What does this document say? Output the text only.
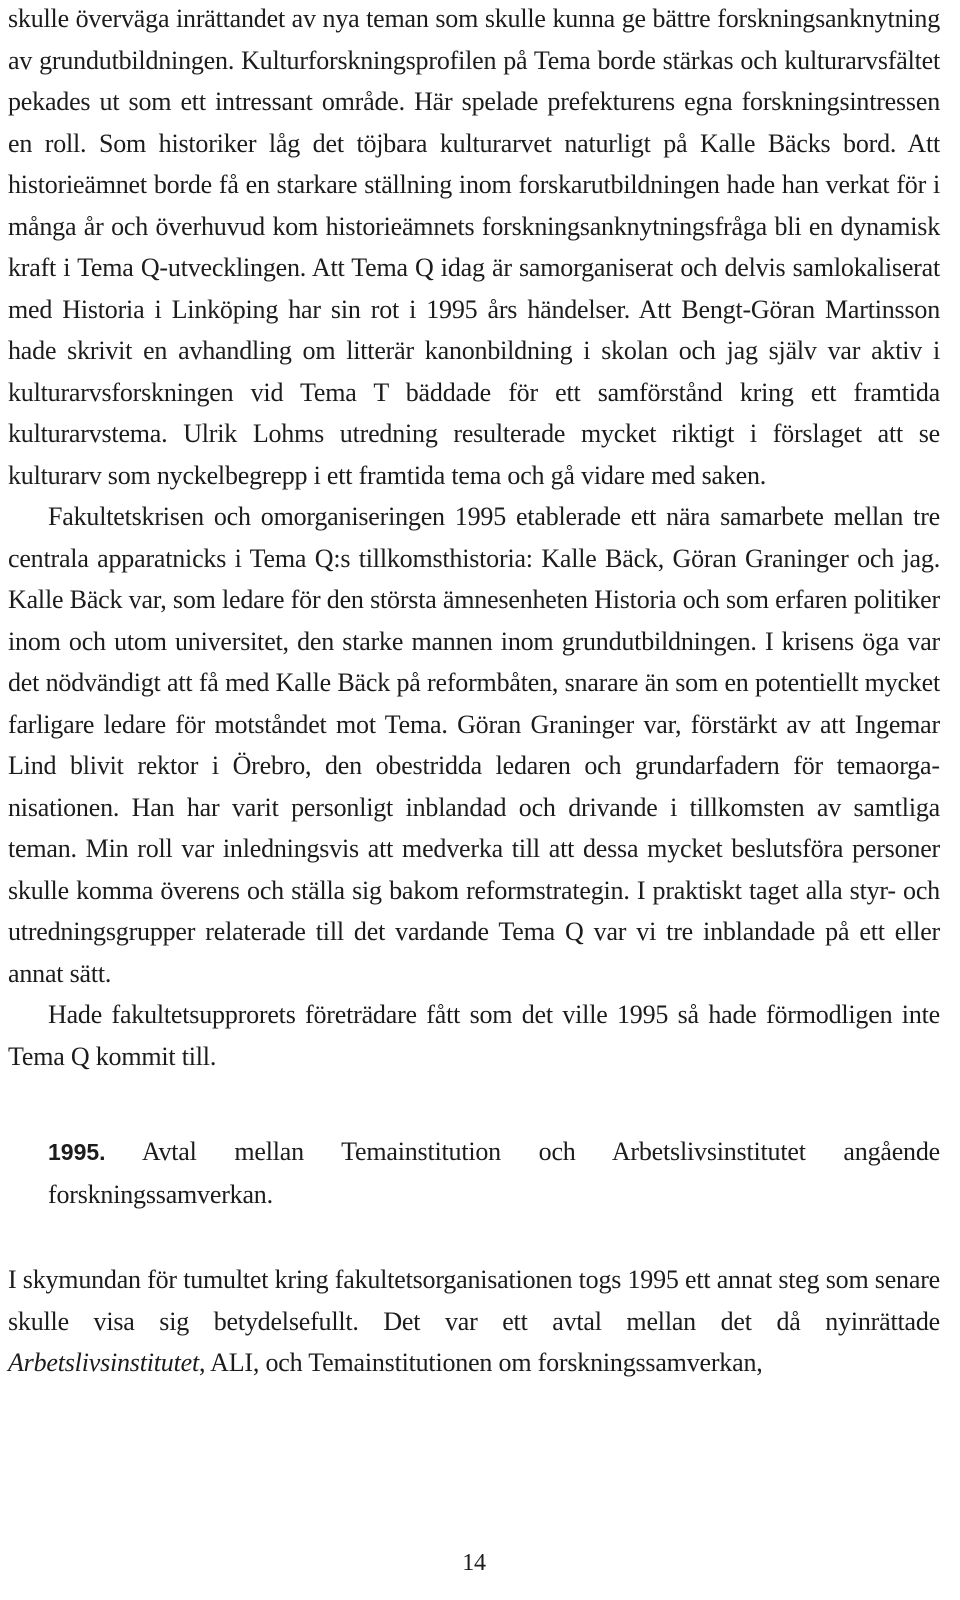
skulle överväga inrättandet av nya teman som skulle kunna ge bättre forskningsanknytning av grundutbildningen. Kulturforskningsprofilen på Tema borde stärkas och kulturarvsfältet pekades ut som ett intressant område. Här spelade prefekturens egna forskningsintressen en roll. Som historiker låg det töjbara kulturarvet naturligt på Kalle Bäcks bord. Att historieämnet borde få en starkare ställning inom forskarutbildningen hade han verkat för i många år och överhuvud kom historieämnets forskningsanknytningsfråga bli en dynamisk kraft i Tema Q-utvecklingen. Att Tema Q idag är samorganiserat och delvis samlokaliserat med Historia i Linköping har sin rot i 1995 års händelser. Att Bengt-Göran Martinsson hade skrivit en avhandling om litterär kanonbildning i skolan och jag själv var aktiv i kulturarvsforskningen vid Tema T bäddade för ett samförstånd kring ett framtida kulturarvstema. Ulrik Lohms utredning resulterade mycket riktigt i förslaget att se kulturarv som nyckelbegrepp i ett framtida tema och gå vidare med saken.

Fakultetskrisen och omorganiseringen 1995 etablerade ett nära samarbete mellan tre centrala apparatnicks i Tema Q:s tillkomsthistoria: Kalle Bäck, Göran Graninger och jag. Kalle Bäck var, som ledare för den största ämnesenheten Historia och som erfaren politiker inom och utom universitet, den starke mannen inom grundutbildningen. I krisens öga var det nödvändigt att få med Kalle Bäck på reformbåten, snarare än som en potentiellt mycket farligare ledare för motståndet mot Tema. Göran Graninger var, förstärkt av att Ingemar Lind blivit rektor i Örebro, den obestridda ledaren och grundarfadern för temaorganisationen. Han har varit personligt inblandad och drivande i tillkomsten av samtliga teman. Min roll var inledningsvis att medverka till att dessa mycket beslutsföra personer skulle komma överens och ställa sig bakom reformstrategin. I praktiskt taget alla styr- och utredningsgrupper relaterade till det vardande Tema Q var vi tre inblandade på ett eller annat sätt.

Hade fakultetsupprorets företrädare fått som det ville 1995 så hade förmodligen inte Tema Q kommit till.

1995. Avtal mellan Temainstitution och Arbetslivsinstitutet angående forskningssamverkan.

I skymundan för tumultet kring fakultetsorganisationen togs 1995 ett annat steg som senare skulle visa sig betydelsefullt. Det var ett avtal mellan det då nyinrättade Arbetslivsinstitutet, ALI, och Temainstitutionen om forskningssamverkan,

14
